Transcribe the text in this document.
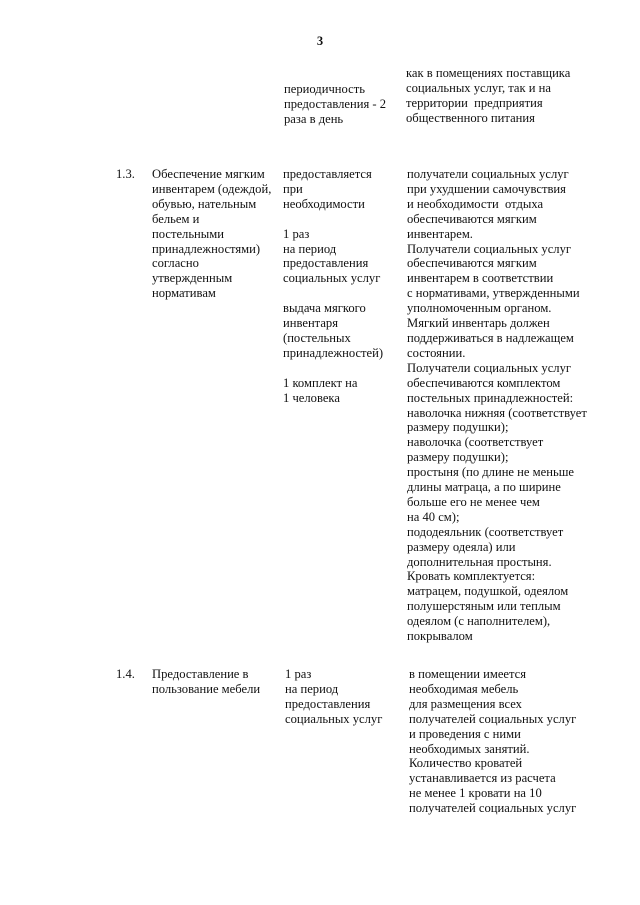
3
периодичность
предоставления - 2
раза в день
как в помещениях поставщика
социальных услуг, так и на
территории  предприятия
общественного питания
1.3. Обеспечение мягким
инвентарем (одеждой,
обувью, нательным
бельем и
постельными
принадлежностями)
согласно
утвержденным
нормативам
предоставляется
при
необходимости

1 раз
на период
предоставления
социальных услуг

выдача мягкого
инвентаря
(постельных
принадлежностей)

1 комплект на
1 человека
получатели социальных услуг
при ухудшении самочувствия
и необходимости  отдыха
обеспечиваются мягким
инвентарем.
Получатели социальных услуг
обеспечиваются мягким
инвентарем в соответствии
с нормативами, утвержденными
уполномоченным органом.
Мягкий инвентарь должен
поддерживаться в надлежащем
состоянии.
Получатели социальных услуг
обеспечиваются комплектом
постельных принадлежностей:
наволочка нижняя (соответствует
размеру подушки);
наволочка (соответствует
размеру подушки);
простыня (по длине не меньше
длины матраца, а по ширине
больше его не менее чем
на 40 см);
пододеяльник (соответствует
размеру одеяла) или
дополнительная простыня.
Кровать комплектуется:
матрацем, подушкой, одеялом
полушерстяным или теплым
одеялом (с наполнителем),
покрывалом
1.4. Предоставление в
пользование мебели
1 раз
на период
предоставления
социальных услуг
в помещении имеется
необходимая мебель
для размещения всех
получателей социальных услуг
и проведения с ними
необходимых занятий.
Количество кроватей
устанавливается из расчета
не менее 1 кровати на 10
получателей социальных услуг
